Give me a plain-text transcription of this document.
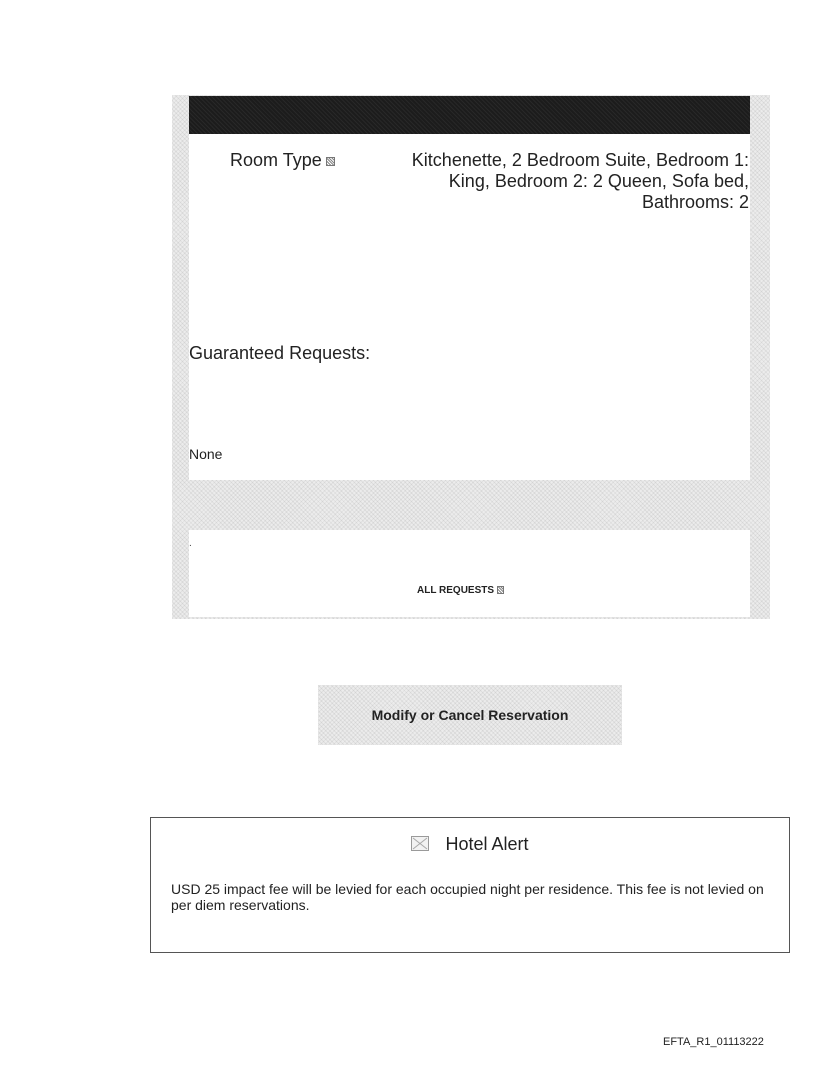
Room Type	Kitchenette, 2 Bedroom Suite, Bedroom 1: King, Bedroom 2: 2 Queen, Sofa bed, Bathrooms: 2
Guaranteed Requests:
None
.
ALL REQUESTS
Modify or Cancel Reservation
Hotel Alert
USD 25 impact fee will be levied for each occupied night per residence. This fee is not levied on per diem reservations.
EFTA_R1_01113222
